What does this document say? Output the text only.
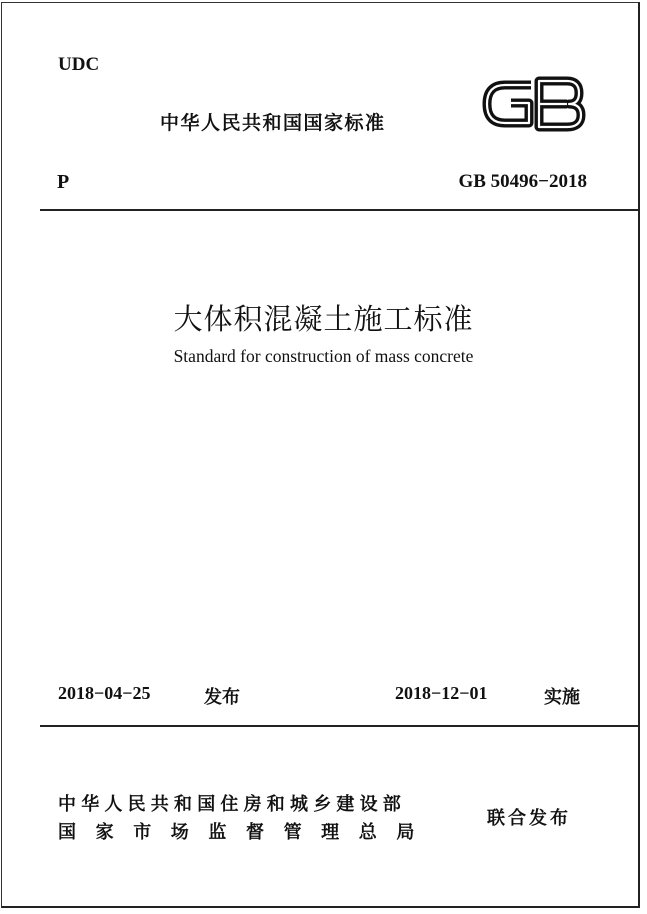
UDC
中华人民共和国国家标准
GB
P	GB 50496−2018
大体积混凝土施工标准
Standard for construction of mass concrete
2018−04−25	发布	2018−12−01	实施
中华人民共和国住房和城乡建设部
国 家 市 场 监 督 管 理 总 局
联合发布
